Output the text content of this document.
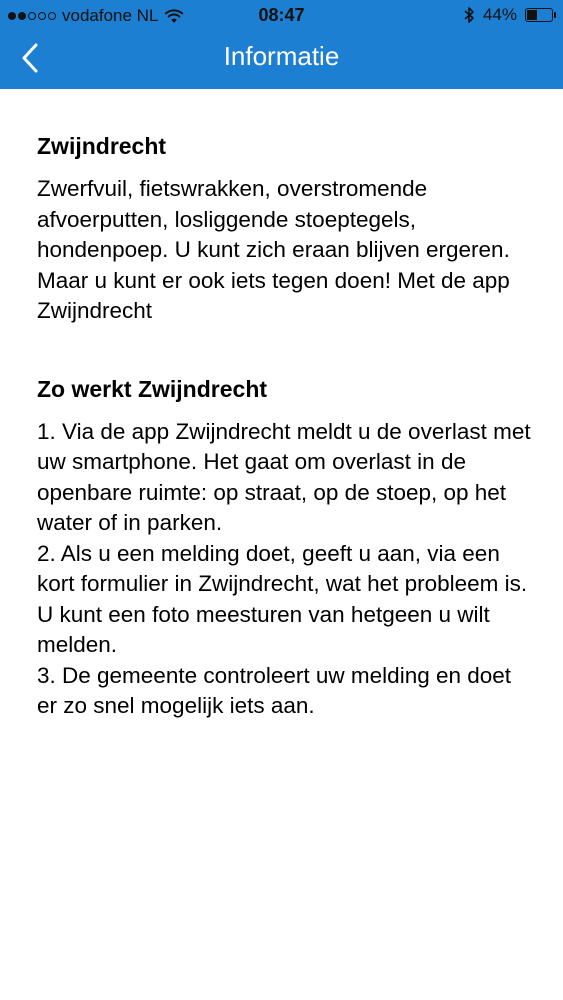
vodafone NL	08:47	44%
Informatie
Zwijndrecht

Zwerfvuil, fietswrakken, overstromende afvoerputten, losliggende stoeptegels, hondenpoep. U kunt zich eraan blijven ergeren. Maar u kunt er ook iets tegen doen! Met de app Zwijndrecht

Zo werkt Zwijndrecht

1. Via de app Zwijndrecht meldt u de overlast met uw smartphone. Het gaat om overlast in de openbare ruimte: op straat, op de stoep, op het water of in parken.
2. Als u een melding doet, geeft u aan, via een kort formulier in Zwijndrecht, wat het probleem is. U kunt een foto meesturen van hetgeen u wilt melden.
3. De gemeente controleert uw melding en doet er zo snel mogelijk iets aan.
